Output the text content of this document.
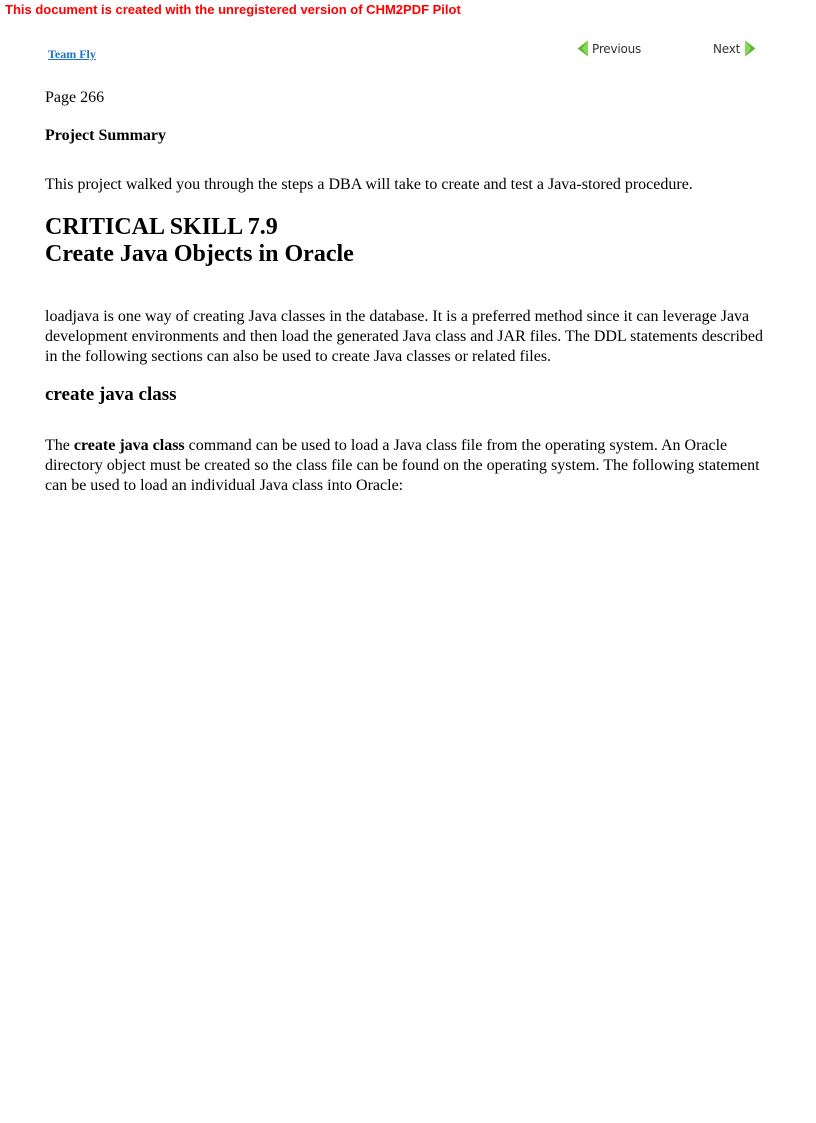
This document is created with the unregistered version of CHM2PDF Pilot
Team Fly	Previous	Next

Page 266

Project Summary

This project walked you through the steps a DBA will take to create and test a Java-stored procedure.

CRITICAL SKILL 7.9
Create Java Objects in Oracle

loadjava is one way of creating Java classes in the database. It is a preferred method since it can leverage Java development environments and then load the generated Java class and JAR files. The DDL statements described in the following sections can also be used to create Java classes or related files.

create java class

The create java class command can be used to load a Java class file from the operating system. An Oracle directory object must be created so the class file can be found on the operating system. The following statement can be used to load an individual Java class into Oracle:
